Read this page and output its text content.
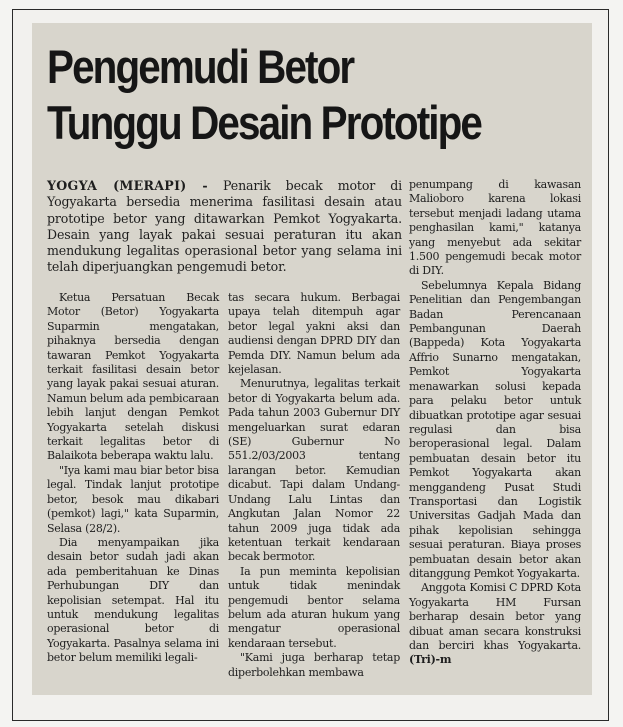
Pengemudi Betor
Tunggu Desain Prototipe
YOGYA (MERAPI) - Penarik becak motor di Yogyakarta bersedia menerima fasilitasi desain atau prototipe betor yang ditawarkan Pemkot Yogyakarta. Desain yang layak pakai sesuai peraturan itu akan mendukung legalitas operasional betor yang selama ini telah diperjuangkan pengemudi betor.

Ketua Persatuan Becak Motor (Betor) Yogyakarta Suparmin mengatakan, pihaknya bersedia dengan tawaran Pemkot Yogyakarta terkait fasilitasi desain betor yang layak pakai sesuai aturan. Namun belum ada pembicaraan lebih lanjut dengan Pemkot Yogyakarta setelah diskusi terkait legalitas betor di Balaikota beberapa waktu lalu.

"Iya kami mau biar betor bisa legal. Tindak lanjut prototipe betor, besok mau dikabari (pemkot) lagi," kata Suparmin, Selasa (28/2).

Dia menyampaikan jika desain betor sudah jadi akan ada pemberitahuan ke Dinas Perhubungan DIY dan kepolisian setempat. Hal itu untuk mendukung legalitas operasional betor di Yogyakarta. Pasalnya selama ini betor belum memiliki legali-

tas secara hukum. Berbagai upaya telah ditempuh agar betor legal yakni aksi dan audiensi dengan DPRD DIY dan Pemda DIY. Namun belum ada kejelasan.

Menurutnya, legalitas terkait betor di Yogyakarta belum ada. Pada tahun 2003 Gubernur DIY mengeluarkan surat edaran (SE) Gubernur No 551.2/03/2003 tentang larangan betor. Kemudian dicabut. Tapi dalam Undang-Undang Lalu Lintas dan Angkutan Jalan Nomor 22 tahun 2009 juga tidak ada ketentuan terkait kendaraan becak bermotor.

Ia pun meminta kepolisian untuk tidak menindak pengemudi bentor selama belum ada aturan hukum yang mengatur operasional kendaraan tersebut.

"Kami juga berharap tetap diperbolehkan membawa

penumpang di kawasan Malioboro karena lokasi tersebut menjadi ladang utama penghasilan kami," katanya yang menyebut ada sekitar 1.500 pengemudi becak motor di DIY.

Sebelumnya Kepala Bidang Penelitian dan Pengembangan Badan Perencanaan Pembangunan Daerah (Bappeda) Kota Yogyakarta Affrio Sunarno mengatakan, Pemkot Yogyakarta menawarkan solusi kepada para pelaku betor untuk dibuatkan prototipe agar sesuai regulasi dan bisa beroperasional legal. Dalam pembuatan desain betor itu Pemkot Yogyakarta akan menggandeng Pusat Studi Transportasi dan Logistik Universitas Gadjah Mada dan pihak kepolisian sehingga sesuai peraturan. Biaya proses pembuatan desain betor akan ditanggung Pemkot Yogyakarta.

Anggota Komisi C DPRD Kota Yogyakarta HM Fursan berharap desain betor yang dibuat aman secara konstruksi dan berciri khas Yogyakarta. (Tri)-m
